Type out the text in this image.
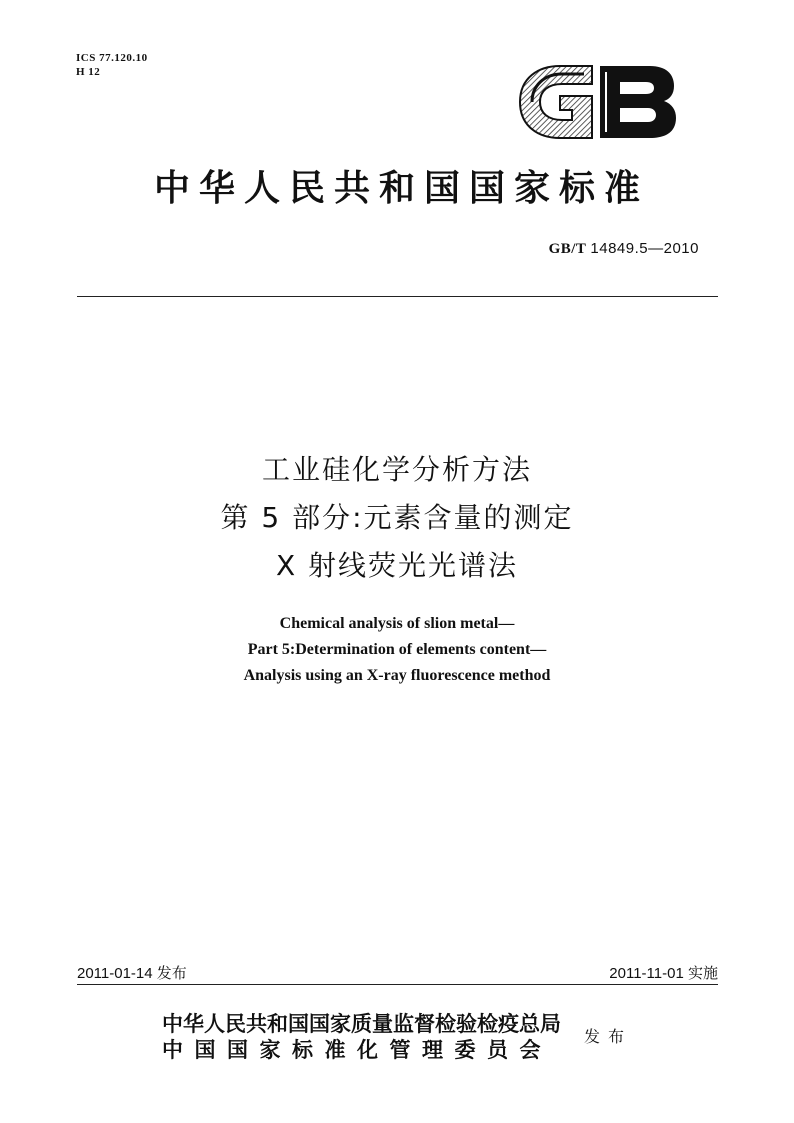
ICS 77.120.10
H 12
中华人民共和国国家标准
GB/T 14849.5—2010
工业硅化学分析方法
第 5 部分:元素含量的测定
X 射线荧光光谱法
Chemical analysis of slion metal—
Part 5:Determination of elements content—
Analysis using an X-ray fluorescence method
2011-01-14 发布	2011-11-01 实施
中华人民共和国国家质量监督检验检疫总局
中国国家标准化管理委员会
发布
